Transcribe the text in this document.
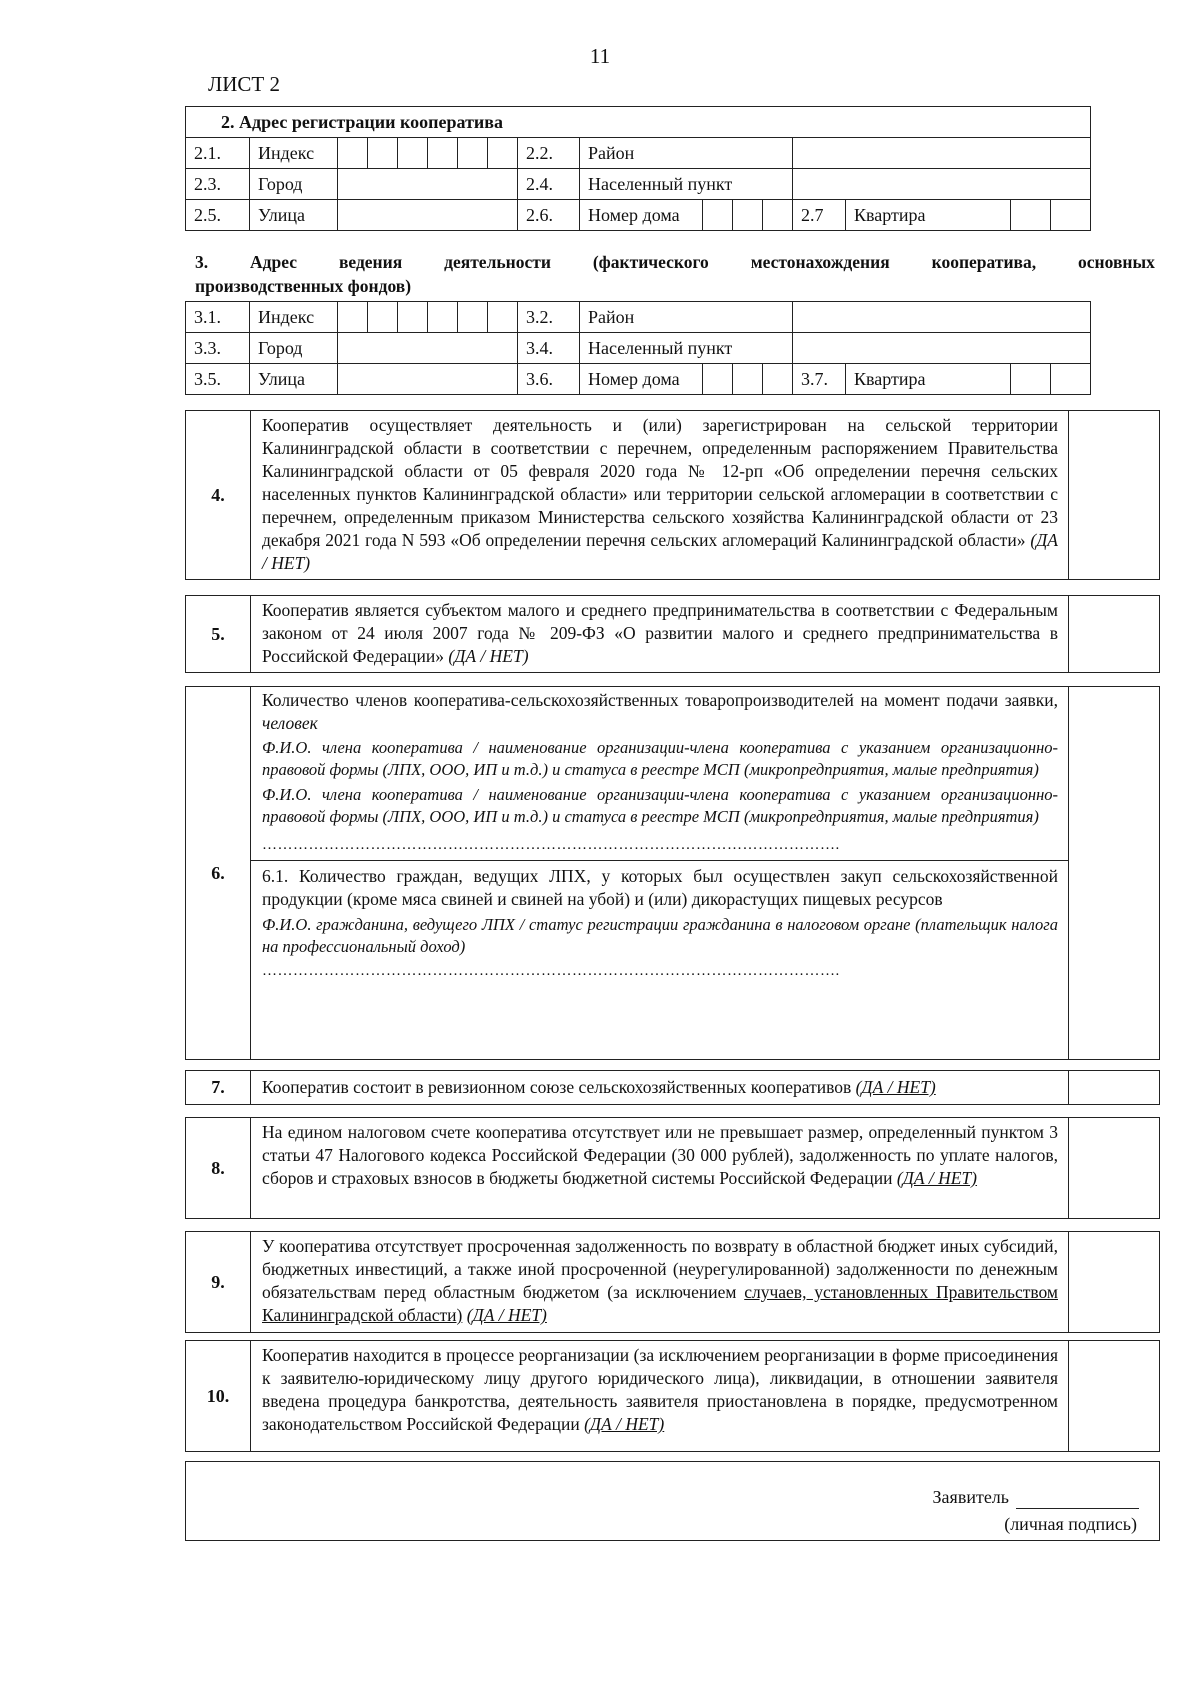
11
ЛИСТ 2
2. Адрес регистрации кооператива																
2.1.	Индекс							2.2.	Район							
2.3.	Город							2.4.	Населенный пункт							
2.5.	Улица							2.6.	Номер дома				2.7	Квартира		
3. Адрес ведения деятельности (фактического местонахождения кооператива, основных
производственных фондов)
3.1.	Индекс							3.2.	Район							
3.3.	Город							3.4.	Населенный пункт							
3.5.	Улица							3.6.	Номер дома				3.7.	Квартира		
4.
Кооператив осуществляет деятельность и (или) зарегистрирован на сельской территории Калининградской области в соответствии с перечнем, определенным распоряжением Правительства Калининградской области от 05 февраля 2020 года № 12-рп «Об определении перечня сельских населенных пунктов Калининградской области» или территории сельской агломерации в соответствии с перечнем, определенным приказом Министерства сельского хозяйства Калининградской области от 23 декабря 2021 года N 593 «Об определении перечня сельских агломераций Калининградской области» (ДА / НЕТ)
5.
Кооператив является субъектом малого и среднего предпринимательства в соответствии с Федеральным законом от 24 июля 2007 года № 209-ФЗ «О развитии малого и среднего предпринимательства в Российской Федерации» (ДА / НЕТ)
6.
Количество членов кооператива-сельскохозяйственных товаропроизводителей на момент подачи заявки, человек
Ф.И.О. члена кооператива / наименование организации-члена кооператива с указанием организационно-правовой формы (ЛПХ, ООО, ИП и т.д.) и статуса в реестре МСП (микропредприятия, малые предприятия)
Ф.И.О. члена кооператива / наименование организации-члена кооператива с указанием организационно-правовой формы (ЛПХ, ООО, ИП и т.д.) и статуса в реестре МСП (микропредприятия, малые предприятия)
………………………………………………………………………………………………….
6.1. Количество граждан, ведущих ЛПХ, у которых был осуществлен закуп сельскохозяйственной продукции (кроме мяса свиней и свиней на убой) и (или) дикорастущих пищевых ресурсов
Ф.И.О. гражданина, ведущего ЛПХ / статус регистрации гражданина в налоговом органе (плательщик налога на профессиональный доход)
………………………………………………………………………………………………….
7.	Кооператив состоит в ревизионном союзе сельскохозяйственных кооперативов (ДА / НЕТ)
8.
На едином налоговом счете кооператива отсутствует или не превышает размер, определенный пунктом 3 статьи 47 Налогового кодекса Российской Федерации (30 000 рублей), задолженность по уплате налогов, сборов и страховых взносов в бюджеты бюджетной системы Российской Федерации (ДА / НЕТ)
9.
У кооператива отсутствует просроченная задолженность по возврату в областной бюджет иных субсидий, бюджетных инвестиций, а также иной просроченной (неурегулированной) задолженности по денежным обязательствам перед областным бюджетом (за исключением случаев, установленных Правительством Калининградской области) (ДА / НЕТ)
10.
Кооператив находится в процессе реорганизации (за исключением реорганизации в форме присоединения к заявителю-юридическому лицу другого юридического лица), ликвидации, в отношении заявителя введена процедура банкротства, деятельность заявителя приостановлена в порядке, предусмотренном законодательством Российской Федерации (ДА / НЕТ)
Заявитель
(личная подпись)
